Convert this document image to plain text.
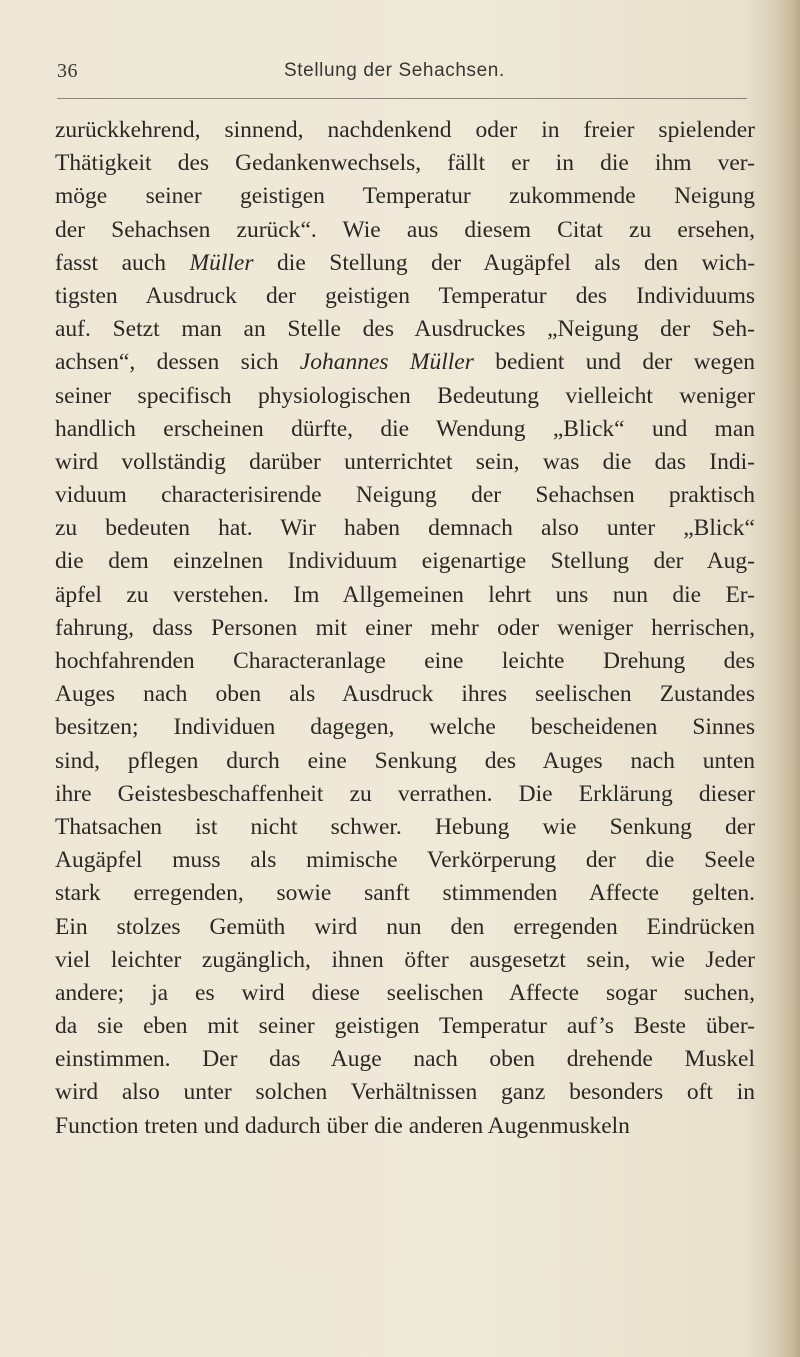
36	Stellung der Sehachsen.
zurückkehrend, sinnend, nachdenkend oder in freier spielender
Thätigkeit des Gedankenwechsels, fällt er in die ihm ver-
möge seiner geistigen Temperatur zukommende Neigung
der Sehachsen zurück“. Wie aus diesem Citat zu ersehen,
fasst auch Müller die Stellung der Augäpfel als den wich-
tigsten Ausdruck der geistigen Temperatur des Individuums
auf. Setzt man an Stelle des Ausdruckes „Neigung der Seh-
achsen“, dessen sich Johannes Müller bedient und der wegen
seiner specifisch physiologischen Bedeutung vielleicht weniger
handlich erscheinen dürfte, die Wendung „Blick“ und man
wird vollständig darüber unterrichtet sein, was die das Indi-
viduum characterisirende Neigung der Sehachsen praktisch
zu bedeuten hat. Wir haben demnach also unter „Blick“
die dem einzelnen Individuum eigenartige Stellung der Aug-
äpfel zu verstehen. Im Allgemeinen lehrt uns nun die Er-
fahrung, dass Personen mit einer mehr oder weniger herrischen,
hochfahrenden Characteranlage eine leichte Drehung des
Auges nach oben als Ausdruck ihres seelischen Zustandes
besitzen; Individuen dagegen, welche bescheidenen Sinnes
sind, pflegen durch eine Senkung des Auges nach unten
ihre Geistesbeschaffenheit zu verrathen. Die Erklärung dieser
Thatsachen ist nicht schwer. Hebung wie Senkung der
Augäpfel muss als mimische Verkörperung der die Seele
stark erregenden, sowie sanft stimmenden Affecte gelten.
Ein stolzes Gemüth wird nun den erregenden Eindrücken
viel leichter zugänglich, ihnen öfter ausgesetzt sein, wie Jeder
andere; ja es wird diese seelischen Affecte sogar suchen,
da sie eben mit seiner geistigen Temperatur auf’s Beste über-
einstimmen. Der das Auge nach oben drehende Muskel
wird also unter solchen Verhältnissen ganz besonders oft in
Function treten und dadurch über die anderen Augenmuskeln
